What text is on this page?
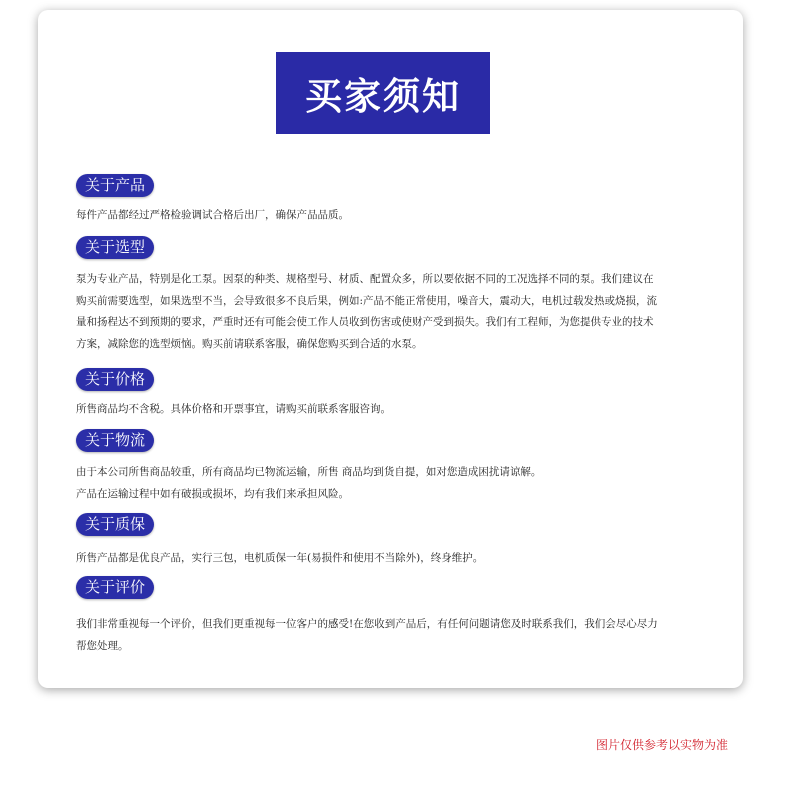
买家须知
关于产品

每件产品都经过严格检验调试合格后出厂，确保产品品质。

关于选型

泵为专业产品，特别是化工泵。因泵的种类、规格型号、材质、配置众多，所以要依据不同的工况选择不同的泵。我们建议在

购买前需要选型，如果选型不当，会导致很多不良后果，例如:产品不能正常使用，噪音大，震动大，电机过载发热或烧损，流

量和扬程达不到预期的要求，严重时还有可能会使工作人员收到伤害或使财产受到损失。我们有工程师，为您提供专业的技术

方案，减除您的选型烦恼。购买前请联系客服，确保您购买到合适的水泵。

关于价格

所售商品均不含税。具体价格和开票事宜，请购买前联系客服咨询。

关于物流

由于本公司所售商品较重，所有商品均已物流运输，所售 商品均到货自提，如对您造成困扰请谅解。

产品在运输过程中如有破损或损坏，均有我们来承担风险。

关于质保

所售产品都是优良产品，实行三包，电机质保一年(易损件和使用不当除外)，终身维护。

关于评价

我们非常重视每一个评价，但我们更重视每一位客户的感受!在您收到产品后，有任何问题请您及时联系我们，我们会尽心尽力

帮您处理。

图片仅供参考以实物为准
